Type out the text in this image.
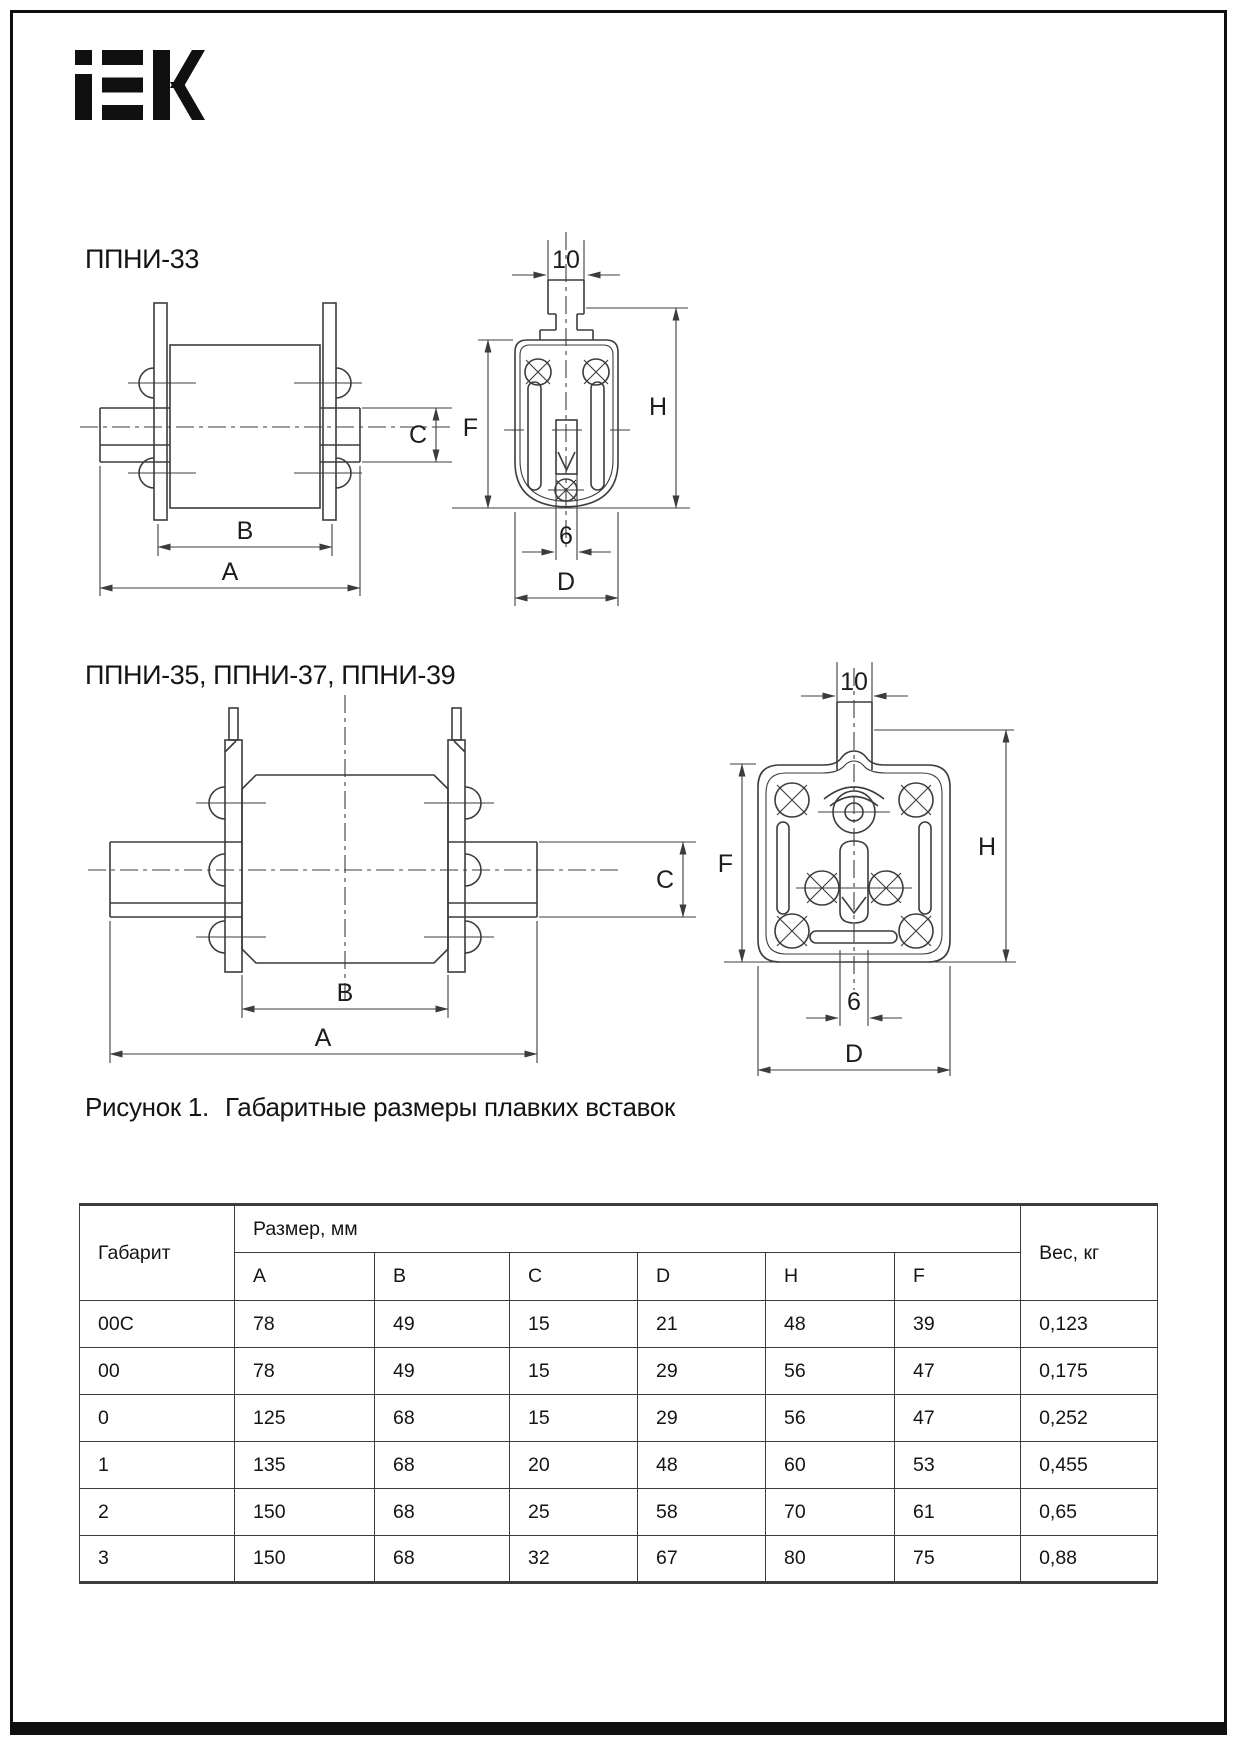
ППНИ-33
ППНИ-35, ППНИ-37, ППНИ-39
10
F
H
B
A
C
6
D
10
F
H
C
B
A
6
D
Рисунок 1. Габаритные размеры плавких вставок
Габарит	Размер, мм						Вес, кг
	A	B	C	D	H	F	
00C	78	49	15	21	48	39	0,123
00	78	49	15	29	56	47	0,175
0	125	68	15	29	56	47	0,252
1	135	68	20	48	60	53	0,455
2	150	68	25	58	70	61	0,65
3	150	68	32	67	80	75	0,88
